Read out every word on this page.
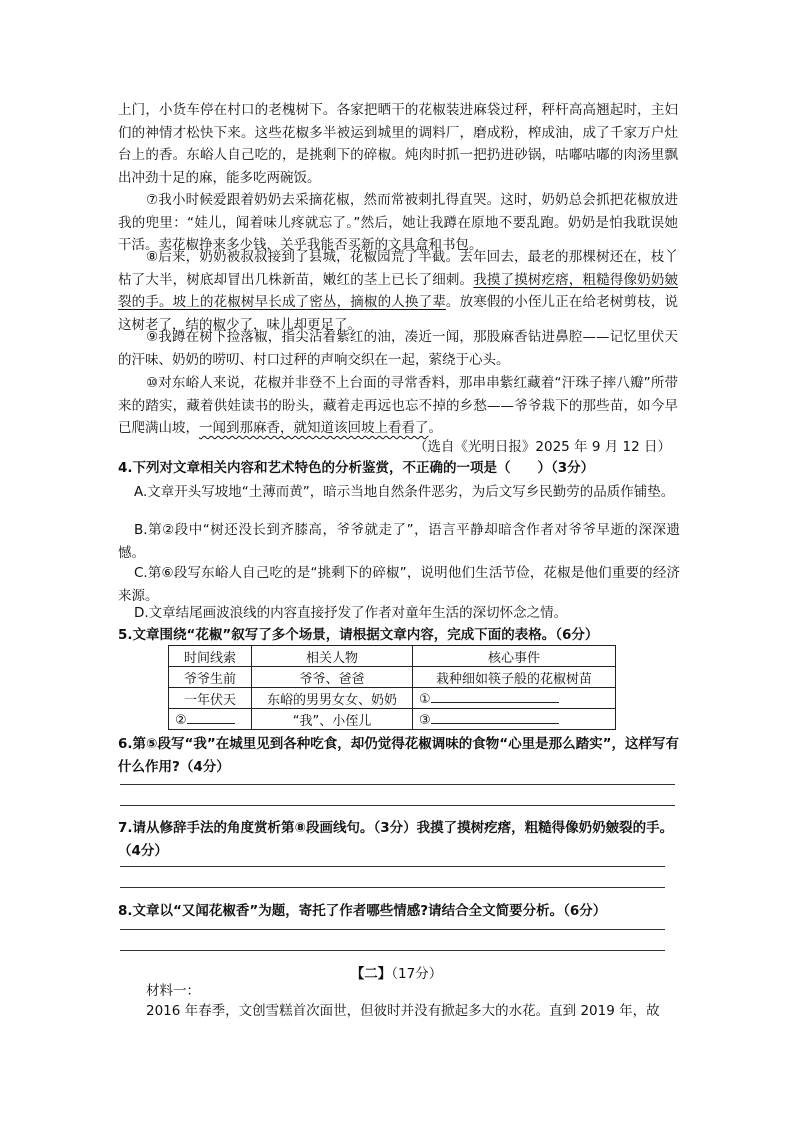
上门，小货车停在村口的老槐树下。各家把晒干的花椒装进麻袋过秤，秤杆高高翘起时，主妇们的神情才松快下来。这些花椒多半被运到城里的调料厂，磨成粉，榨成油，成了千家万户灶台上的香。东峪人自己吃的，是挑剩下的碎椒。炖肉时抓一把扔进砂锅，咕嘟咕嘟的肉汤里飘出冲劲十足的麻，能多吃两碗饭。

⑦我小时候爱跟着奶奶去采摘花椒，然而常被刺扎得直哭。这时，奶奶总会抓把花椒放进我的兜里：“娃儿，闻着味儿疼就忘了。”然后，她让我蹲在原地不要乱跑。奶奶是怕我耽误她干活。卖花椒挣来多少钱，关乎我能否买新的文具盒和书包。

⑧后来，奶奶被叔叔接到了县城，花椒园荒了半截。去年回去，最老的那棵树还在，枝丫枯了大半，树底却冒出几株新苗，嫩红的茎上已长了细刺。我摸了摸树疙瘩，粗糙得像奶奶皴裂的手。坡上的花椒树早长成了密丛，摘椒的人换了辈。放寒假的小侄儿正在给老树剪枝，说这树老了，结的椒少了，味儿却更足了。

⑨我蹲在树下捡落椒，指尖沾着紫红的油，凑近一闻，那股麻香钻进鼻腔——记忆里伏天的汗味、奶奶的唠叨、村口过秤的声响交织在一起，萦绕于心头。

⑩对东峪人来说，花椒并非登不上台面的寻常香料，那串串紫红藏着“汗珠子摔八瓣”所带来的踏实，藏着供娃读书的盼头，藏着走再远也忘不掉的乡愁——爷爷栽下的那些苗，如今早已爬满山坡，一闻到那麻香，就知道该回坡上看看了。

（选自《光明日报》2025 年 9 月 12 日）

4.下列对文章相关内容和艺术特色的分析鉴赏，不正确的一项是（　　）（3分）

A.文章开头写坡地“土薄而黄”，暗示当地自然条件恶劣，为后文写乡民勤劳的品质作铺垫。

B.第②段中“树还没长到齐膝高，爷爷就走了”，语言平静却暗含作者对爷爷早逝的深深遗憾。

C.第⑥段写东峪人自己吃的是“挑剩下的碎椒”，说明他们生活节俭，花椒是他们重要的经济来源。

D.文章结尾画波浪线的内容直接抒发了作者对童年生活的深切怀念之情。

5.文章围绕“花椒”叙写了多个场景，请根据文章内容，完成下面的表格。（6分）

时间线索	相关人物	核心事件
爷爷生前	爷爷、爸爸	栽种细如筷子般的花椒树苗
一年伏天	东峪的男男女女、奶奶	①
②	“我”、小侄儿	③

6.第⑤段写“我”在城里见到各种吃食，却仍觉得花椒调味的食物“心里是那么踏实”，这样写有什么作用?（4分）

7.请从修辞手法的角度赏析第⑧段画线句。（3分）我摸了摸树疙瘩，粗糙得像奶奶皴裂的手。（4分）

8.文章以“又闻花椒香”为题，寄托了作者哪些情感?请结合全文简要分析。（6分）

【二】（17分）

材料一：

2016 年春季，文创雪糕首次面世，但彼时并没有掀起多大的水花。直到 2019 年，故
